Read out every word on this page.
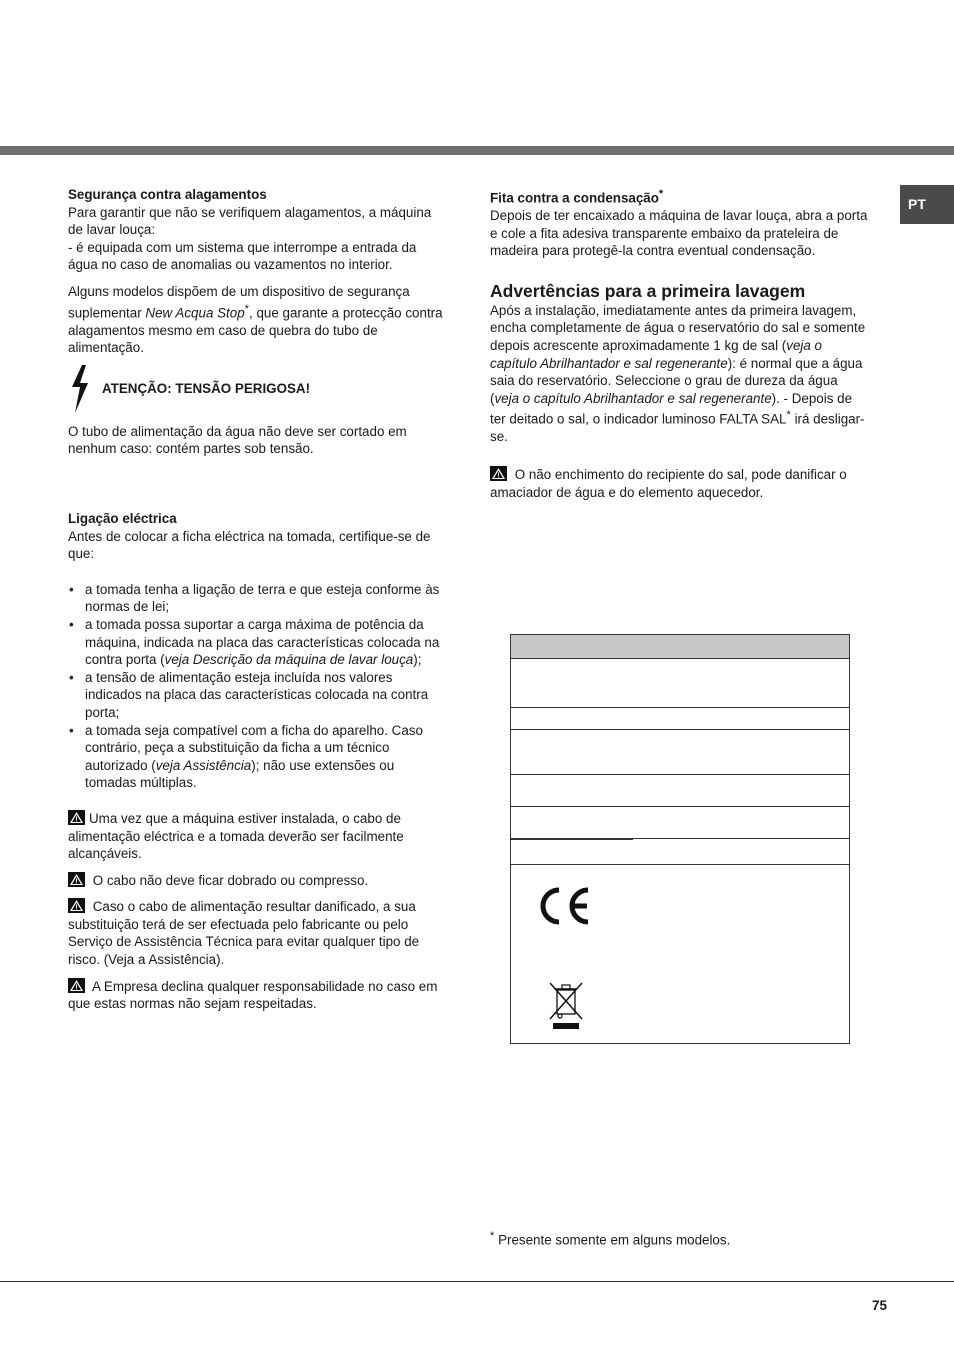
PT

Segurança contra alagamentos

Para garantir que não se verifiquem alagamentos, a máquina de lavar louça:

- é equipada com um sistema que interrompe a entrada da água no caso de anomalias ou vazamentos no interior.

Alguns modelos dispõem de um dispositivo de segurança suplementar New Acqua Stop*, que garante a protecção contra alagamentos mesmo em caso de quebra do tubo de alimentação.

ATENÇÃO: TENSÃO PERIGOSA!

O tubo de alimentação da água não deve ser cortado em nenhum caso: contém partes sob tensão.

Ligação eléctrica

Antes de colocar a ficha eléctrica na tomada, certifique-se de que:

• a tomada tenha a ligação de terra e que esteja conforme às normas de lei;
• a tomada possa suportar a carga máxima de potência da máquina, indicada na placa das características colocada na contra porta (veja Descrição da máquina de lavar louça);
• a tensão de alimentação esteja incluída nos valores indicados na placa das características colocada na contra porta;
• a tomada seja compatível com a ficha do aparelho. Caso contrário, peça a substituição da ficha a um técnico autorizado (veja Assistência); não use extensões ou tomadas múltiplas.

Uma vez que a máquina estiver instalada, o cabo de alimentação eléctrica e a tomada deverão ser facilmente alcançáveis.

O cabo não deve ficar dobrado ou compresso.

Caso o cabo de alimentação resultar danificado, a sua substituição terá de ser efectuada pelo fabricante ou pelo Serviço de Assistência Técnica para evitar qualquer tipo de risco. (Veja a Assistência).

A Empresa declina qualquer responsabilidade no caso em que estas normas não sejam respeitadas.

Fita contra a condensação*

Depois de ter encaixado a máquina de lavar louça, abra a porta e cole a fita adesiva transparente embaixo da prateleira de madeira para protegê-la contra eventual condensação.

Advertências para a primeira lavagem

Após a instalação, imediatamente antes da primeira lavagem, encha completamente de água o reservatório do sal e somente depois acrescente aproximadamente 1 kg de sal (veja o capítulo Abrilhantador e sal regenerante): é normal que a água saia do reservatório. Seleccione o grau de dureza da água (veja o capítulo Abrilhantador e sal regenerante). - Depois de ter deitado o sal, o indicador luminoso FALTA SAL* irá desligar-se.

O não enchimento do recipiente do sal, pode danificar o amaciador de água e do elemento aquecedor.

* Presente somente em alguns modelos.

75
